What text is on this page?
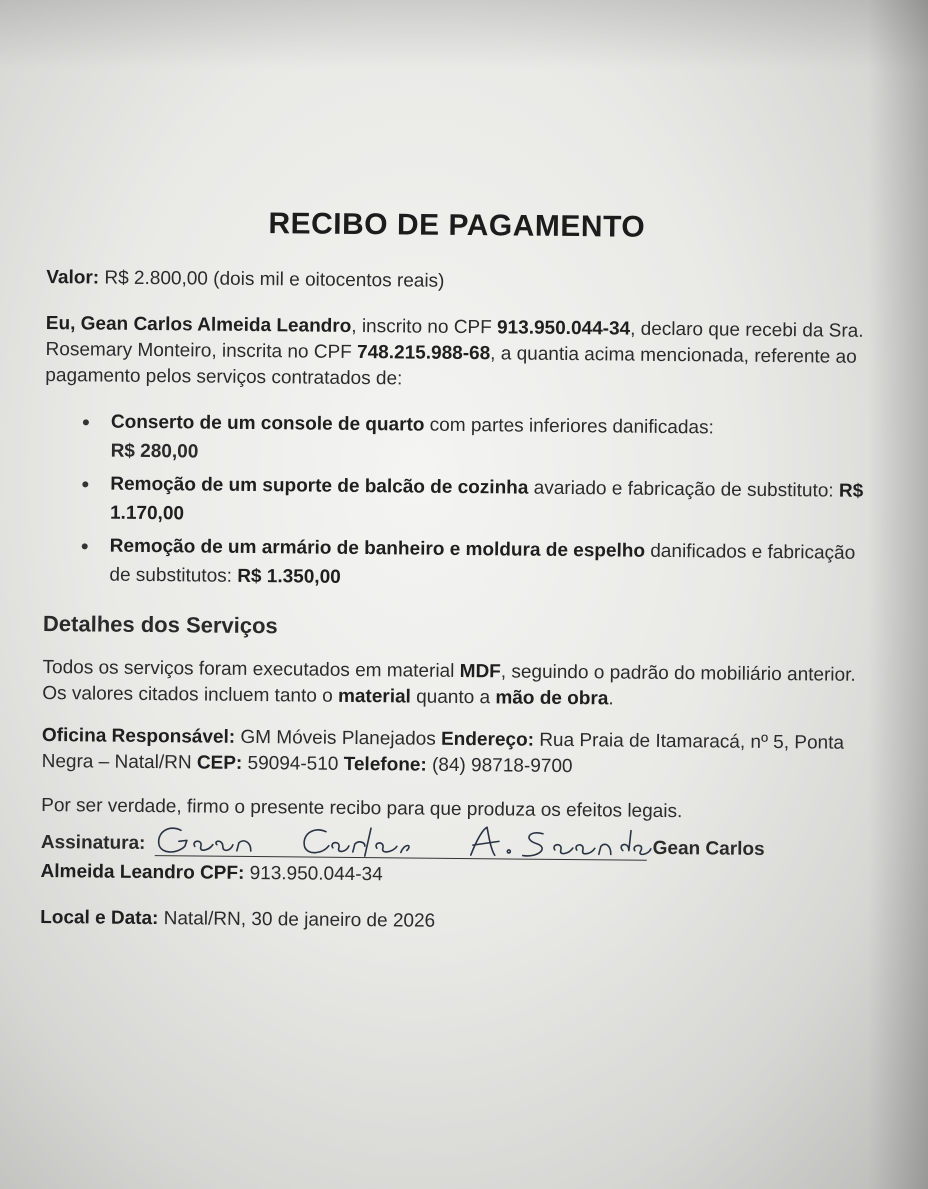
RECIBO DE PAGAMENTO

Valor: R$ 2.800,00 (dois mil e oitocentos reais)

Eu, Gean Carlos Almeida Leandro, inscrito no CPF 913.950.044-34, declaro que recebi da Sra. Rosemary Monteiro, inscrita no CPF 748.215.988-68, a quantia acima mencionada, referente ao pagamento pelos serviços contratados de:

Conserto de um console de quarto com partes inferiores danificadas:
R$ 280,00
Remoção de um suporte de balcão de cozinha avariado e fabricação de substituto: R$ 1.170,00
Remoção de um armário de banheiro e moldura de espelho danificados e fabricação de substitutos: R$ 1.350,00
Detalhes dos Serviços

Todos os serviços foram executados em material MDF, seguindo o padrão do mobiliário anterior. Os valores citados incluem tanto o material quanto a mão de obra.

Oficina Responsável: GM Móveis Planejados Endereço: Rua Praia de Itamaracá, nº 5, Ponta Negra – Natal/RN CEP: 59094-510 Telefone: (84) 98718-9700

Por ser verdade, firmo o presente recibo para que produza os efeitos legais.

Assinatura:	Gean Carlos

Almeida Leandro CPF: 913.950.044-34

Local e Data: Natal/RN, 30 de janeiro de 2026
